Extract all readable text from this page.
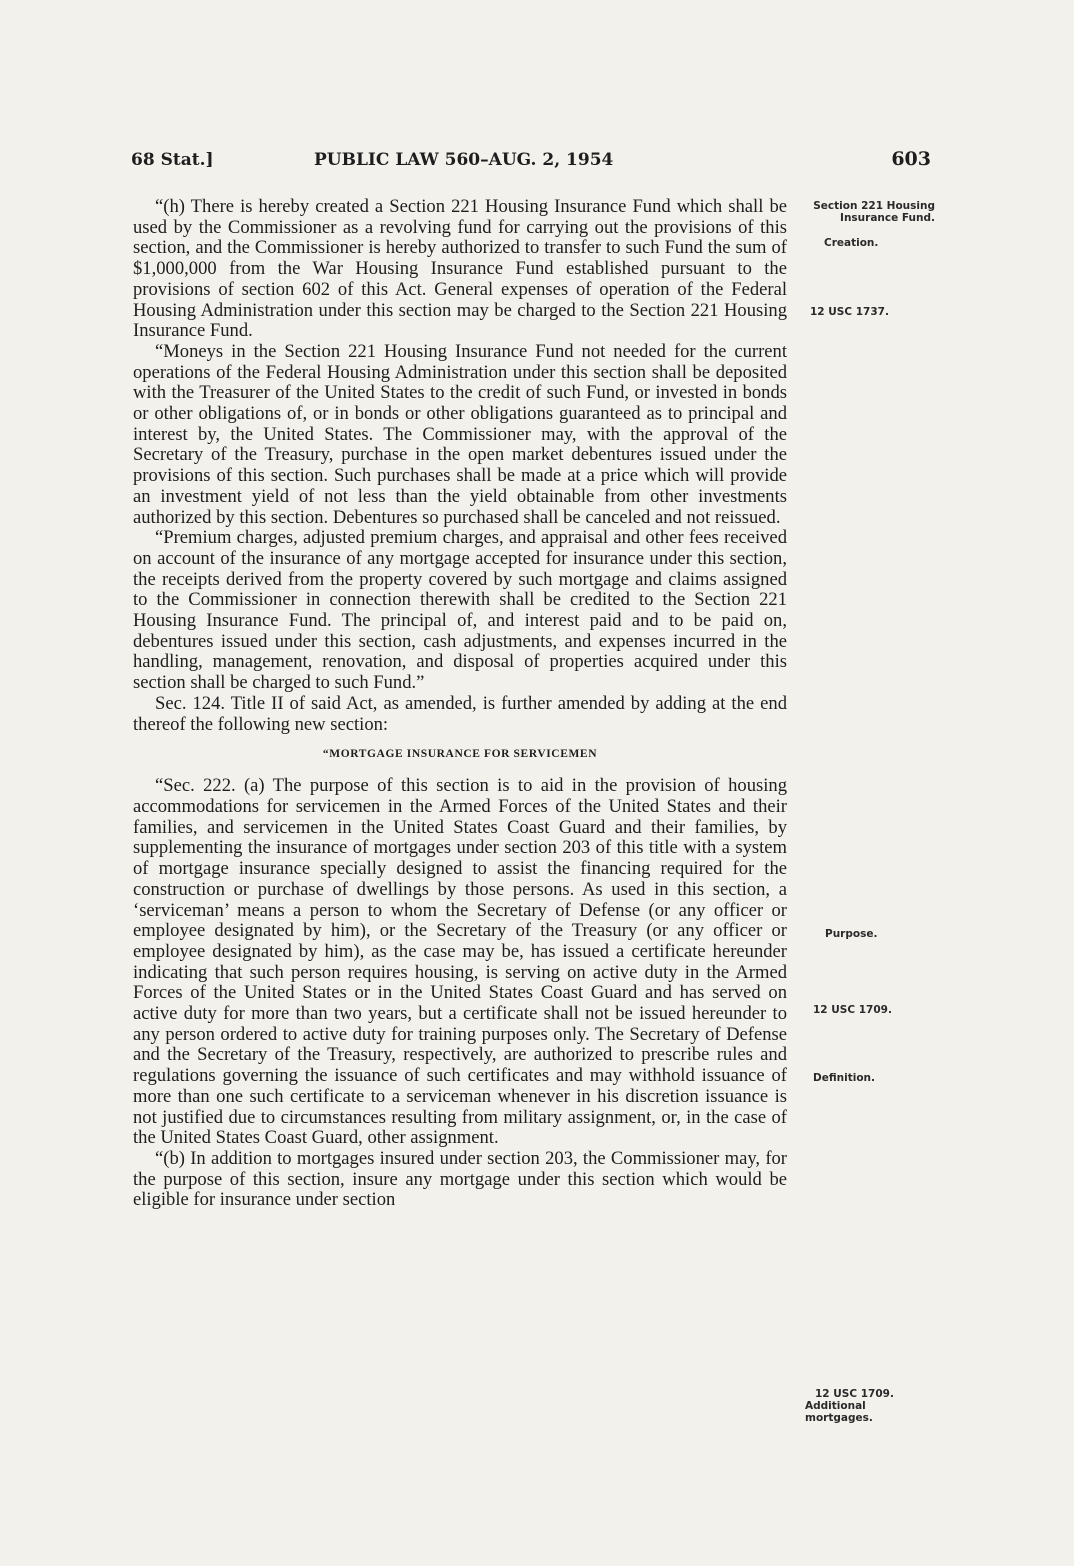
68 Stat.]	PUBLIC LAW 560–AUG. 2, 1954	603

“(h) There is hereby created a Section 221 Housing Insurance Fund which shall be used by the Commissioner as a revolving fund for carrying out the provisions of this section, and the Commissioner is hereby authorized to transfer to such Fund the sum of $1,000,000 from the War Housing Insurance Fund established pursuant to the provisions of section 602 of this Act. General expenses of operation of the Federal Housing Administration under this section may be charged to the Section 221 Housing Insurance Fund.

“Moneys in the Section 221 Housing Insurance Fund not needed for the current operations of the Federal Housing Administration under this section shall be deposited with the Treasurer of the United States to the credit of such Fund, or invested in bonds or other obligations of, or in bonds or other obligations guaranteed as to principal and interest by, the United States. The Commissioner may, with the approval of the Secretary of the Treasury, purchase in the open market debentures issued under the provisions of this section. Such purchases shall be made at a price which will provide an investment yield of not less than the yield obtainable from other investments authorized by this section. Debentures so purchased shall be canceled and not reissued.

“Premium charges, adjusted premium charges, and appraisal and other fees received on account of the insurance of any mortgage accepted for insurance under this section, the receipts derived from the property covered by such mortgage and claims assigned to the Commissioner in connection therewith shall be credited to the Section 221 Housing Insurance Fund. The principal of, and interest paid and to be paid on, debentures issued under this section, cash adjustments, and expenses incurred in the handling, management, renovation, and disposal of properties acquired under this section shall be charged to such Fund.”

Sec. 124. Title II of said Act, as amended, is further amended by adding at the end thereof the following new section:

“MORTGAGE INSURANCE FOR SERVICEMEN

“Sec. 222. (a) The purpose of this section is to aid in the provision of housing accommodations for servicemen in the Armed Forces of the United States and their families, and servicemen in the United States Coast Guard and their families, by supplementing the insurance of mortgages under section 203 of this title with a system of mortgage insurance specially designed to assist the financing required for the construction or purchase of dwellings by those persons. As used in this section, a ‘serviceman’ means a person to whom the Secretary of Defense (or any officer or employee designated by him), or the Secretary of the Treasury (or any officer or employee designated by him), as the case may be, has issued a certificate hereunder indicating that such person requires housing, is serving on active duty in the Armed Forces of the United States or in the United States Coast Guard and has served on active duty for more than two years, but a certificate shall not be issued hereunder to any person ordered to active duty for training purposes only. The Secretary of Defense and the Secretary of the Treasury, respectively, are authorized to prescribe rules and regulations governing the issuance of such certificates and may withhold issuance of more than one such certificate to a serviceman whenever in his discretion issuance is not justified due to circumstances resulting from military assignment, or, in the case of the United States Coast Guard, other assignment.

“(b) In addition to mortgages insured under section 203, the Commissioner may, for the purpose of this section, insure any mortgage under this section which would be eligible for insurance under section

Section 221 Housing Insurance Fund.
Creation.
12 USC 1737.
Purpose.
12 USC 1709.
Definition.
12 USC 1709.
Additional mortgages.
